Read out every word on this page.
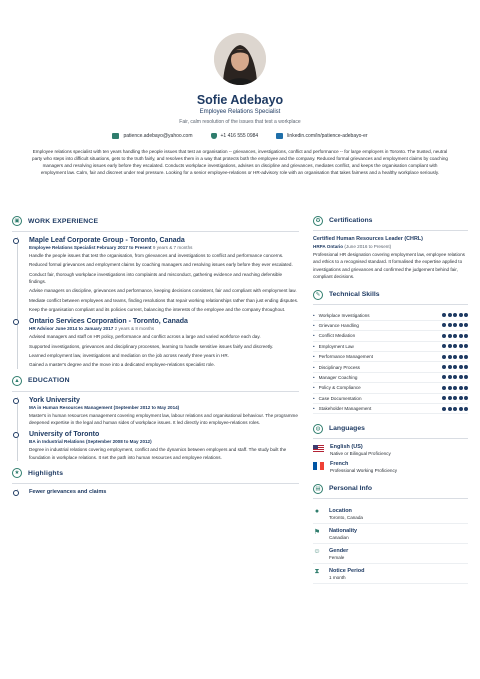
Sofie Adebayo
Employee Relations Specialist
Fair, calm resolution of the issues that test a workplace
patience.adebayo@yahoo.com	+1 416 555 0984	linkedin.com/in/patience-adebayo-er
Employee relations specialist with ten years handling the people issues that test an organisation -- grievances, investigations, conflict and performance -- for large employers in Toronto. The trusted, neutral party who steps into difficult situations, gets to the truth fairly, and resolves them in a way that protects both the employee and the company. Reduced formal grievances and employment claims by coaching managers and resolving issues early before they escalated. Conducts workplace investigations, advises on discipline and grievances, mediates conflict, and keeps the organisation compliant with employment law. Calm, fair and discreet under real pressure. Looking for a senior employee-relations or HR-advisory role with an organisation that takes fairness and a healthy workplace seriously.
▣	WORK EXPERIENCE
Maple Leaf Corporate Group - Toronto, Canada
Employee Relations Specialist February 2017 to Present 9 years & 7 months
Handle the people issues that test the organisation, from grievances and investigations to conflict and performance concerns.
Reduced formal grievances and employment claims by coaching managers and resolving issues early before they ever escalated.
Conduct fair, thorough workplace investigations into complaints and misconduct, gathering evidence and reaching defensible findings.
Advise managers on discipline, grievances and performance, keeping decisions consistent, fair and compliant with employment law.
Mediate conflict between employees and teams, finding resolutions that repair working relationships rather than just ending disputes.
Keep the organisation compliant and its policies current, balancing the interests of the employee and the company throughout.
Ontario Services Corporation - Toronto, Canada
HR Advisor June 2014 to January 2017 2 years & 8 months
Advised managers and staff on HR policy, performance and conflict across a large and varied workforce each day.
Supported investigations, grievances and disciplinary processes, learning to handle sensitive issues fairly and discreetly.
Learned employment law, investigations and mediation on the job across nearly three years in HR.
Gained a master's degree and the move into a dedicated employee-relations specialist role.
▲	EDUCATION
York University
MA in Human Resources Management (September 2012 to May 2014)
Master's in human resources management covering employment law, labour relations and organisational behaviour. The programme deepened expertise in the legal and human sides of workplace issues. It led directly into employee-relations roles.
University of Toronto
BA in Industrial Relations (September 2008 to May 2012)
Degree in industrial relations covering employment, conflict and the dynamics between employers and staff. The study built the foundation in workplace relations. It set the path into human resources and employee relations.
★	Highlights
Fewer grievances and claims
✪	Certifications
Certified Human Resources Leader (CHRL)
HRPA Ontario (June 2016 to Present)
Professional HR designation covering employment law, employee relations and ethics to a recognised standard. It formalised the expertise applied to investigations and grievances and confirmed the judgement behind fair, compliant decisions.
✎	Technical Skills
• Workplace Investigations
• Grievance Handling
• Conflict Mediation
• Employment Law
• Performance Management
• Disciplinary Process
• Manager Coaching
• Policy & Compliance
• Case Documentation
• Stakeholder Management
◍	Languages
English (US)
Native or Bilingual Proficiency
French
Professional Working Proficiency
▤	Personal Info
●	Location
Toronto, Canada
⚑ Nationality
Canadian
☺ Gender
Female
⧗ Notice Period
1 month
